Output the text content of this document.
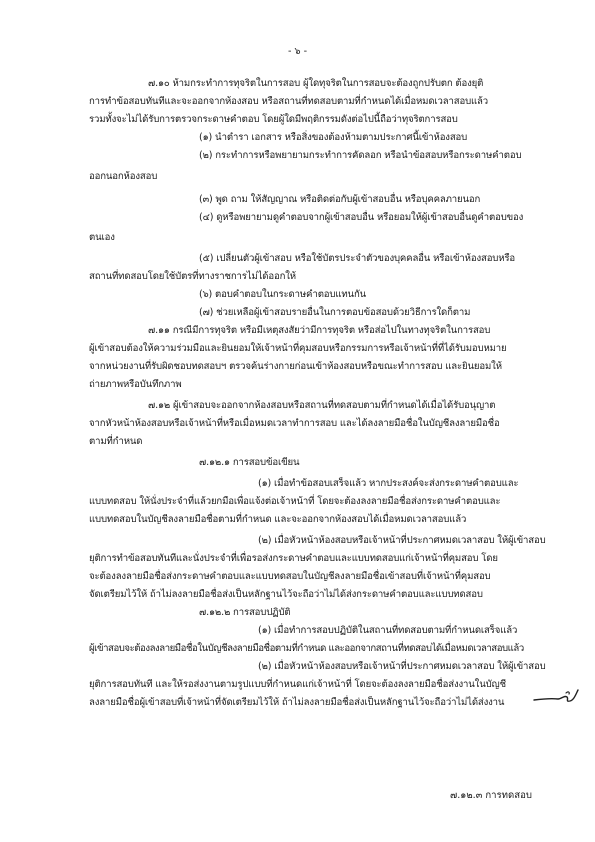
- ๖ -
๗.๑๐ ห้ามกระทำการทุจริตในการสอบ ผู้ใดทุจริตในการสอบจะต้องถูกปรับตก ต้องยุติ
การทำข้อสอบทันทีและจะออกจากห้องสอบ หรือสถานที่ทดสอบตามที่กำหนดได้เมื่อหมดเวลาสอบแล้ว
รวมทั้งจะไม่ได้รับการตรวจกระดาษคำตอบ โดยผู้ใดมีพฤติกรรมดังต่อไปนี้ถือว่าทุจริตการสอบ
(๑) นำตำรา เอกสาร หรือสิ่งของต้องห้ามตามประกาศนี้เข้าห้องสอบ
(๒) กระทำการหรือพยายามกระทำการคัดลอก หรือนำข้อสอบหรือกระดาษคำตอบ
ออกนอกห้องสอบ
(๓) พูด ถาม ให้สัญญาณ หรือติดต่อกับผู้เข้าสอบอื่น หรือบุคคลภายนอก
(๔) ดูหรือพยายามดูคำตอบจากผู้เข้าสอบอื่น หรือยอมให้ผู้เข้าสอบอื่นดูคำตอบของ
ตนเอง
(๕) เปลี่ยนตัวผู้เข้าสอบ หรือใช้บัตรประจำตัวของบุคคลอื่น หรือเข้าห้องสอบหรือ
สถานที่ทดสอบโดยใช้บัตรที่ทางราชการไม่ได้ออกให้
(๖) ตอบคำตอบในกระดาษคำตอบแทนกัน
(๗) ช่วยเหลือผู้เข้าสอบรายอื่นในการตอบข้อสอบด้วยวิธีการใดก็ตาม
๗.๑๑ กรณีมีการทุจริต หรือมีเหตุสงสัยว่ามีการทุจริต หรือส่อไปในทางทุจริตในการสอบ
ผู้เข้าสอบต้องให้ความร่วมมือและยินยอมให้เจ้าหน้าที่คุมสอบหรือกรรมการหรือเจ้าหน้าที่ที่ได้รับมอบหมาย
จากหน่วยงานที่รับผิดชอบทดสอบฯ ตรวจค้นร่างกายก่อนเข้าห้องสอบหรือขณะทำการสอบ และยินยอมให้
ถ่ายภาพหรือบันทึกภาพ
๗.๑๒ ผู้เข้าสอบจะออกจากห้องสอบหรือสถานที่ทดสอบตามที่กำหนดได้เมื่อได้รับอนุญาต
จากหัวหน้าห้องสอบหรือเจ้าหน้าที่หรือเมื่อหมดเวลาทำการสอบ และได้ลงลายมือชื่อในบัญชีลงลายมือชื่อ
ตามที่กำหนด
๗.๑๒.๑ การสอบข้อเขียน
(๑) เมื่อทำข้อสอบเสร็จแล้ว หากประสงค์จะส่งกระดาษคำตอบและ
แบบทดสอบ ให้นั่งประจำที่แล้วยกมือเพื่อแจ้งต่อเจ้าหน้าที่ โดยจะต้องลงลายมือชื่อส่งกระดาษคำตอบและ
แบบทดสอบในบัญชีลงลายมือชื่อตามที่กำหนด และจะออกจากห้องสอบได้เมื่อหมดเวลาสอบแล้ว
(๒) เมื่อหัวหน้าห้องสอบหรือเจ้าหน้าที่ประกาศหมดเวลาสอบ ให้ผู้เข้าสอบ
ยุติการทำข้อสอบทันทีและนั่งประจำที่เพื่อรอส่งกระดาษคำตอบและแบบทดสอบแก่เจ้าหน้าที่คุมสอบ โดย
จะต้องลงลายมือชื่อส่งกระดาษคำตอบและแบบทดสอบในบัญชีลงลายมือชื่อเข้าสอบที่เจ้าหน้าที่คุมสอบ
จัดเตรียมไว้ให้ ถ้าไม่ลงลายมือชื่อส่งเป็นหลักฐานไว้จะถือว่าไม่ได้ส่งกระดาษคำตอบและแบบทดสอบ
๗.๑๒.๒ การสอบปฏิบัติ
(๑) เมื่อทำการสอบปฏิบัติในสถานที่ทดสอบตามที่กำหนดเสร็จแล้ว
ผู้เข้าสอบจะต้องลงลายมือชื่อในบัญชีลงลายมือชื่อตามที่กำหนด และออกจากสถานที่ทดสอบได้เมื่อหมดเวลาสอบแล้ว
(๒) เมื่อหัวหน้าห้องสอบหรือเจ้าหน้าที่ประกาศหมดเวลาสอบ ให้ผู้เข้าสอบ
ยุติการสอบทันที และให้รอส่งงานตามรูปแบบที่กำหนดแก่เจ้าหน้าที่ โดยจะต้องลงลายมือชื่อส่งงานในบัญชี
ลงลายมือชื่อผู้เข้าสอบที่เจ้าหน้าที่จัดเตรียมไว้ให้ ถ้าไม่ลงลายมือชื่อส่งเป็นหลักฐานไว้จะถือว่าไม่ได้ส่งงาน
๗.๑๒.๓ การทดสอบ
